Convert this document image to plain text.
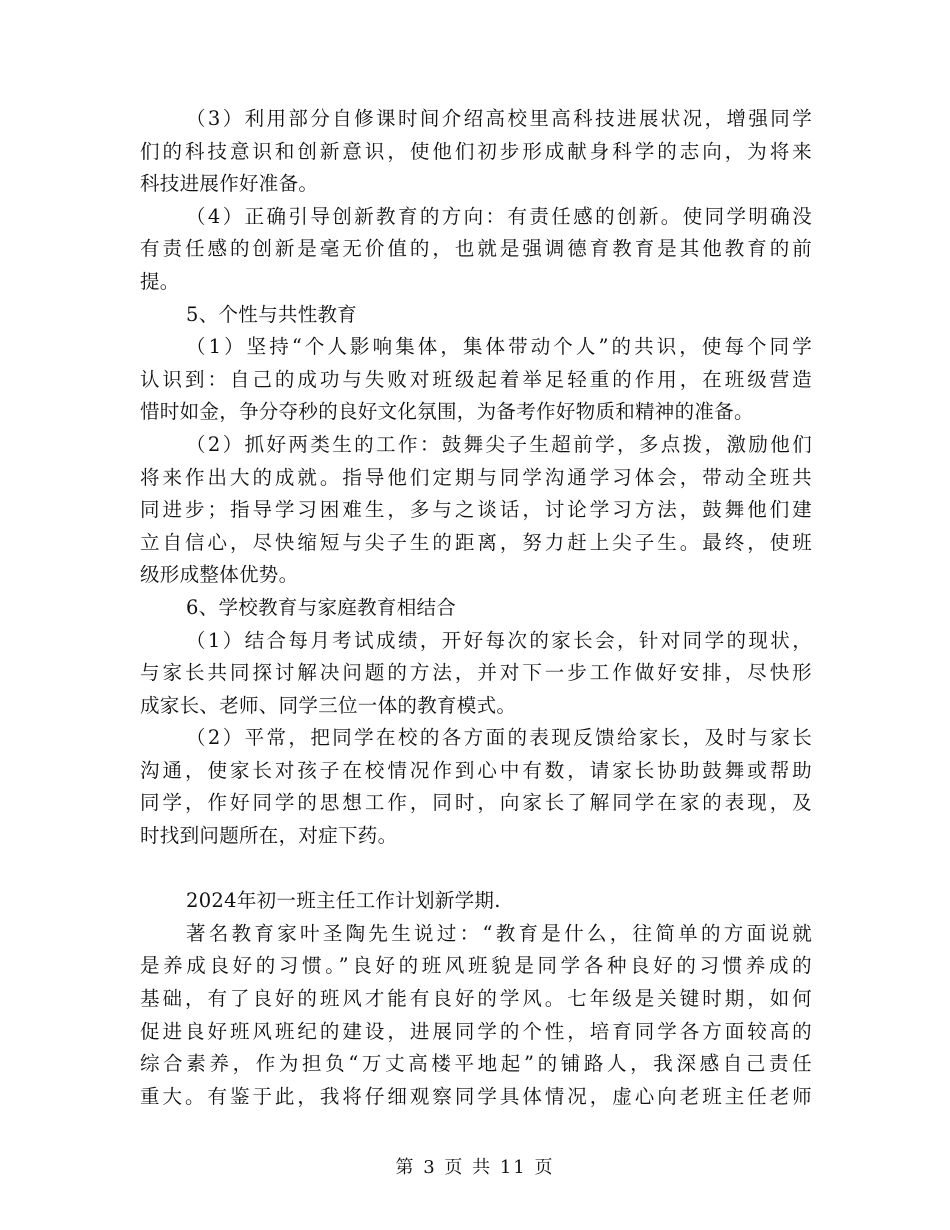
（3）利用部分自修课时间介绍高校里高科技进展状况，增强同学
们的科技意识和创新意识，使他们初步形成献身科学的志向，为将来
科技进展作好准备。
（4）正确引导创新教育的方向：有责任感的创新。使同学明确没
有责任感的创新是毫无价值的，也就是强调德育教育是其他教育的前
提。
5、个性与共性教育
（1）坚持“个人影响集体，集体带动个人”的共识，使每个同学
认识到：自己的成功与失败对班级起着举足轻重的作用，在班级营造
惜时如金，争分夺秒的良好文化氛围，为备考作好物质和精神的准备。
（2）抓好两类生的工作：鼓舞尖子生超前学，多点拨，激励他们
将来作出大的成就。指导他们定期与同学沟通学习体会，带动全班共
同进步；指导学习困难生，多与之谈话，讨论学习方法，鼓舞他们建
立自信心，尽快缩短与尖子生的距离，努力赶上尖子生。最终，使班
级形成整体优势。
6、学校教育与家庭教育相结合
（1）结合每月考试成绩，开好每次的家长会，针对同学的现状，
与家长共同探讨解决问题的方法，并对下一步工作做好安排，尽快形
成家长、老师、同学三位一体的教育模式。
（2）平常，把同学在校的各方面的表现反馈给家长，及时与家长
沟通，使家长对孩子在校情况作到心中有数，请家长协助鼓舞或帮助
同学，作好同学的思想工作，同时，向家长了解同学在家的表现，及
时找到问题所在，对症下药。
2024年初一班主任工作计划新学期.
著名教育家叶圣陶先生说过：“教育是什么，往简单的方面说就
是养成良好的习惯。”良好的班风班貌是同学各种良好的习惯养成的
基础，有了良好的班风才能有良好的学风。七年级是关键时期，如何
促进良好班风班纪的建设，进展同学的个性，培育同学各方面较高的
综合素养，作为担负“万丈高楼平地起”的铺路人，我深感自己责任
重大。有鉴于此，我将仔细观察同学具体情况，虚心向老班主任老师
第 3 页 共 11 页
